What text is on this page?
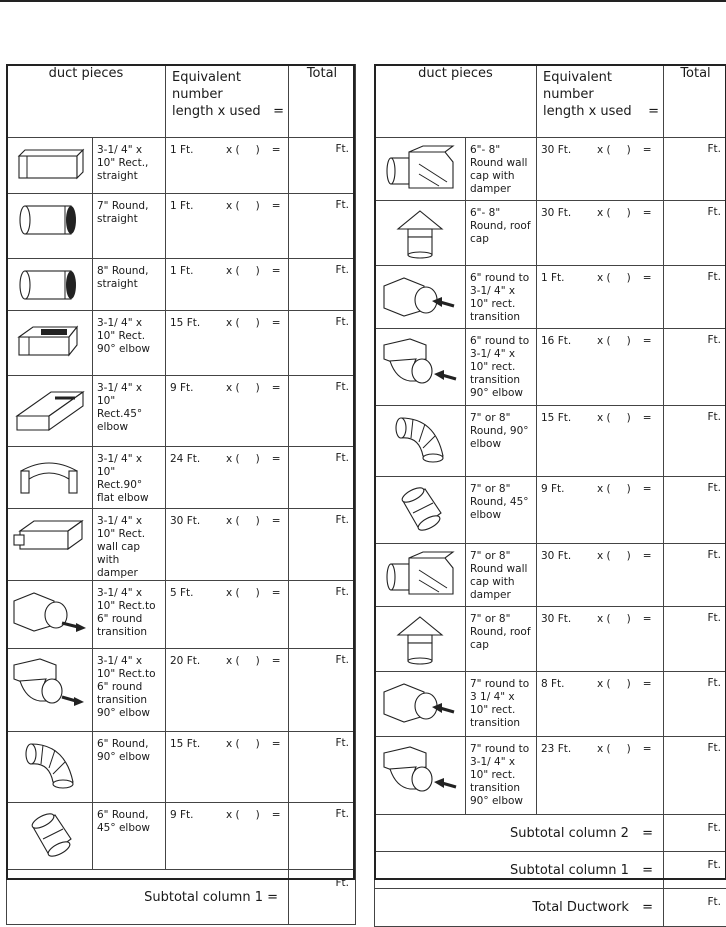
duct pieces		Equivalent number
length x used =	Total
	3-1/ 4" x 10" Rect., straight	1 Ft. x ( ) =	Ft.
	7" Round, straight	1 Ft. x ( ) =	Ft.
	8" Round, straight	1 Ft. x ( ) =	Ft.
	3-1/ 4" x 10" Rect. 90° elbow	15 Ft. x ( ) =	Ft.
	3-1/ 4" x 10" Rect.45° elbow	9 Ft. x ( ) =	Ft.
	3-1/ 4" x 10" Rect.90° flat elbow	24 Ft. x ( ) =	Ft.
	3-1/ 4" x 10" Rect. wall cap with damper	30 Ft. x ( ) =	Ft.
	3-1/ 4" x 10" Rect.to 6" round transition	5 Ft. x ( ) =	Ft.
	3-1/ 4" x 10" Rect.to 6" round transition 90° elbow	20 Ft. x ( ) =	Ft.
	6" Round, 90° elbow	15 Ft. x ( ) =	Ft.
	6" Round, 45° elbow	9 Ft. x ( ) =	Ft.
Subtotal column 1 =			Ft.
duct pieces		Equivalent number
length x used =	Total
	6"- 8" Round wall cap with damper	30 Ft. x ( ) =	Ft.
	6"- 8" Round, roof cap	30 Ft. x ( ) =	Ft.
	6" round to 3-1/ 4" x 10" rect. transition	1 Ft. x ( ) =	Ft.
	6" round to 3-1/ 4" x 10" rect. transition 90° elbow	16 Ft. x ( ) =	Ft.
	7" or 8" Round, 90° elbow	15 Ft. x ( ) =	Ft.
	7" or 8" Round, 45° elbow	9 Ft. x ( ) =	Ft.
	7" or 8" Round wall cap with damper	30 Ft. x ( ) =	Ft.
	7" or 8" Round, roof cap	30 Ft. x ( ) =	Ft.
	7" round to 3 1/ 4" x 10" rect. transition	8 Ft. x ( ) =	Ft.
	7" round to 3-1/ 4" x 10" rect. transition 90° elbow	23 Ft. x ( ) =	Ft.
Subtotal column 2 =			Ft.
Subtotal column 1 =			Ft.
Total Ductwork =			Ft.
